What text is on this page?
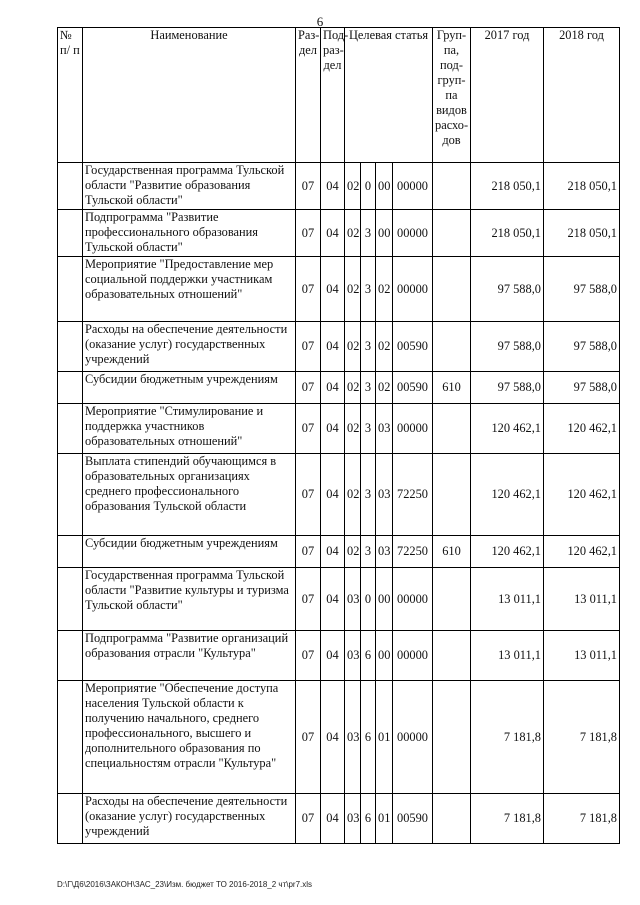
6
№ п/ п	Наименование	Раз-дел	Под-раз-дел	Целевая статья				Груп-па, под-груп-па видов расхо-дов	2017 год	2018 год
	Государственная программа Тульской области "Развитие образования Тульской области"	07	04	02	0	00	00000		218 050,1	218 050,1
	Подпрограмма "Развитие профессионального образования Тульской области"	07	04	02	3	00	00000		218 050,1	218 050,1
	Мероприятие "Предоставление мер социальной поддержки участникам образовательных отношений"	07	04	02	3	02	00000		97 588,0	97 588,0
	Расходы на обеспечение деятельности (оказание услуг) государственных учреждений	07	04	02	3	02	00590		97 588,0	97 588,0
	Субсидии бюджетным учреждениям	07	04	02	3	02	00590	610	97 588,0	97 588,0
	Мероприятие "Стимулирование и поддержка участников образовательных отношений"	07	04	02	3	03	00000		120 462,1	120 462,1
	Выплата стипендий обучающимся в образовательных организациях среднего профессионального образования Тульской области	07	04	02	3	03	72250		120 462,1	120 462,1
	Субсидии бюджетным учреждениям	07	04	02	3	03	72250	610	120 462,1	120 462,1
	Государственная программа Тульской области "Развитие культуры и туризма Тульской области"	07	04	03	0	00	00000		13 011,1	13 011,1
	Подпрограмма "Развитие организаций образования отрасли "Культура"	07	04	03	6	00	00000		13 011,1	13 011,1
	Мероприятие "Обеспечение доступа населения Тульской области к получению начального, среднего профессионального, высшего и дополнительного образования по специальностям отрасли "Культура"	07	04	03	6	01	00000		7 181,8	7 181,8
	Расходы на обеспечение деятельности (оказание услуг) государственных учреждений	07	04	03	6	01	00590		7 181,8	7 181,8
D:\Г\Д6\2016\ЗАКОН\ЗАС_23\Изм. бюджет ТО 2016-2018_2 чт\pr7.xls
